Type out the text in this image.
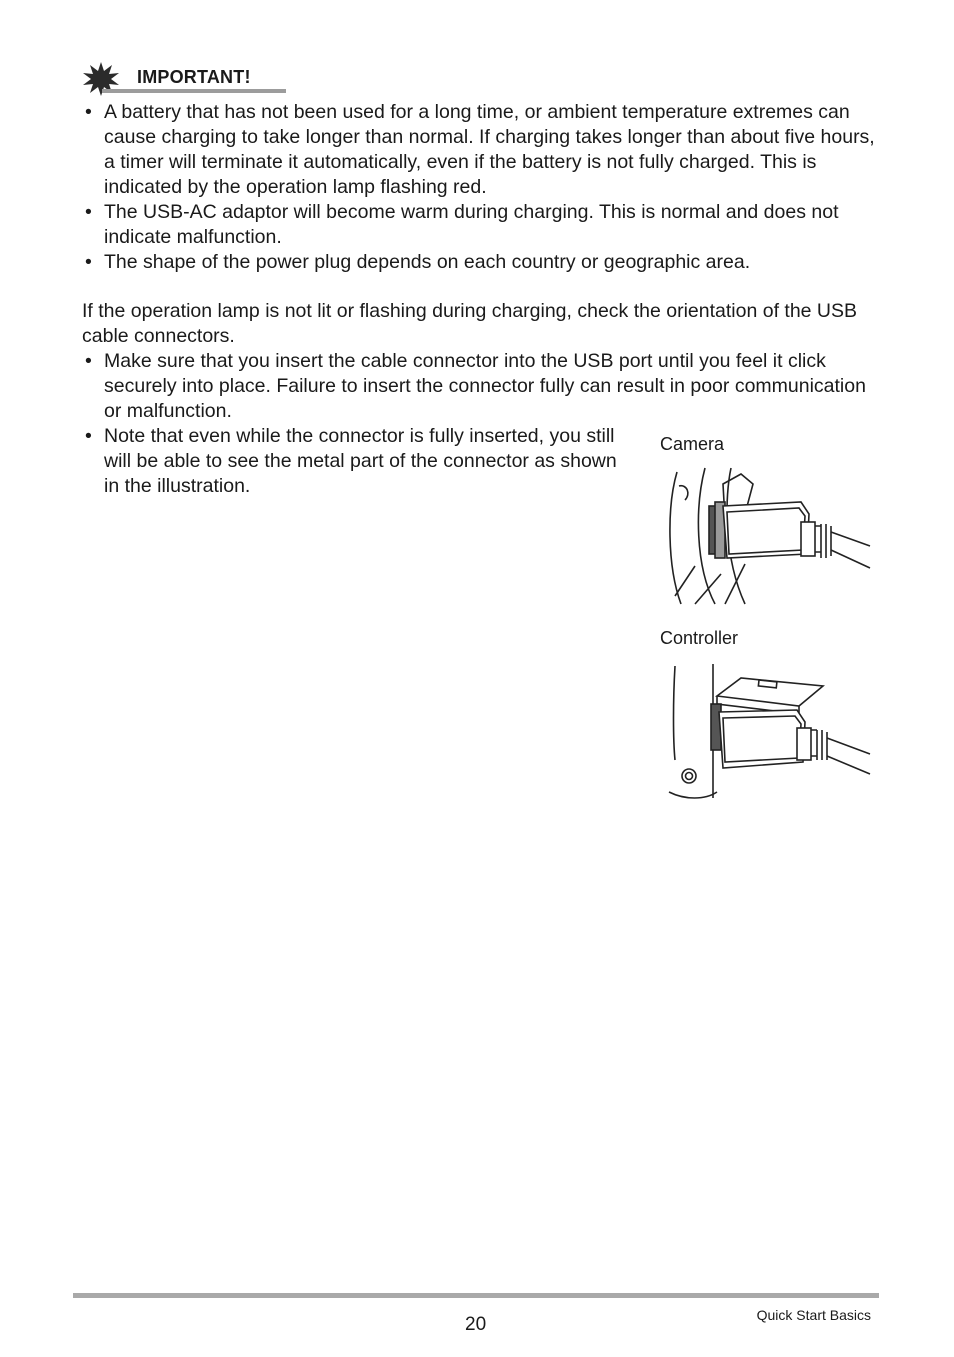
IMPORTANT!
• A battery that has not been used for a long time, or ambient temperature extremes can cause charging to take longer than normal. If charging takes longer than about five hours, a timer will terminate it automatically, even if the battery is not fully charged. This is indicated by the operation lamp flashing red.
• The USB-AC adaptor will become warm during charging. This is normal and does not indicate malfunction.
• The shape of the power plug depends on each country or geographic area.

If the operation lamp is not lit or flashing during charging, check the orientation of the USB cable connectors.

• Make sure that you insert the cable connector into the USB port until you feel it click securely into place. Failure to insert the connector fully can result in poor communication or malfunction.
• Note that even while the connector is fully inserted, you still will be able to see the metal part of the connector as shown in the illustration.
Camera
Controller
20	Quick Start Basics
